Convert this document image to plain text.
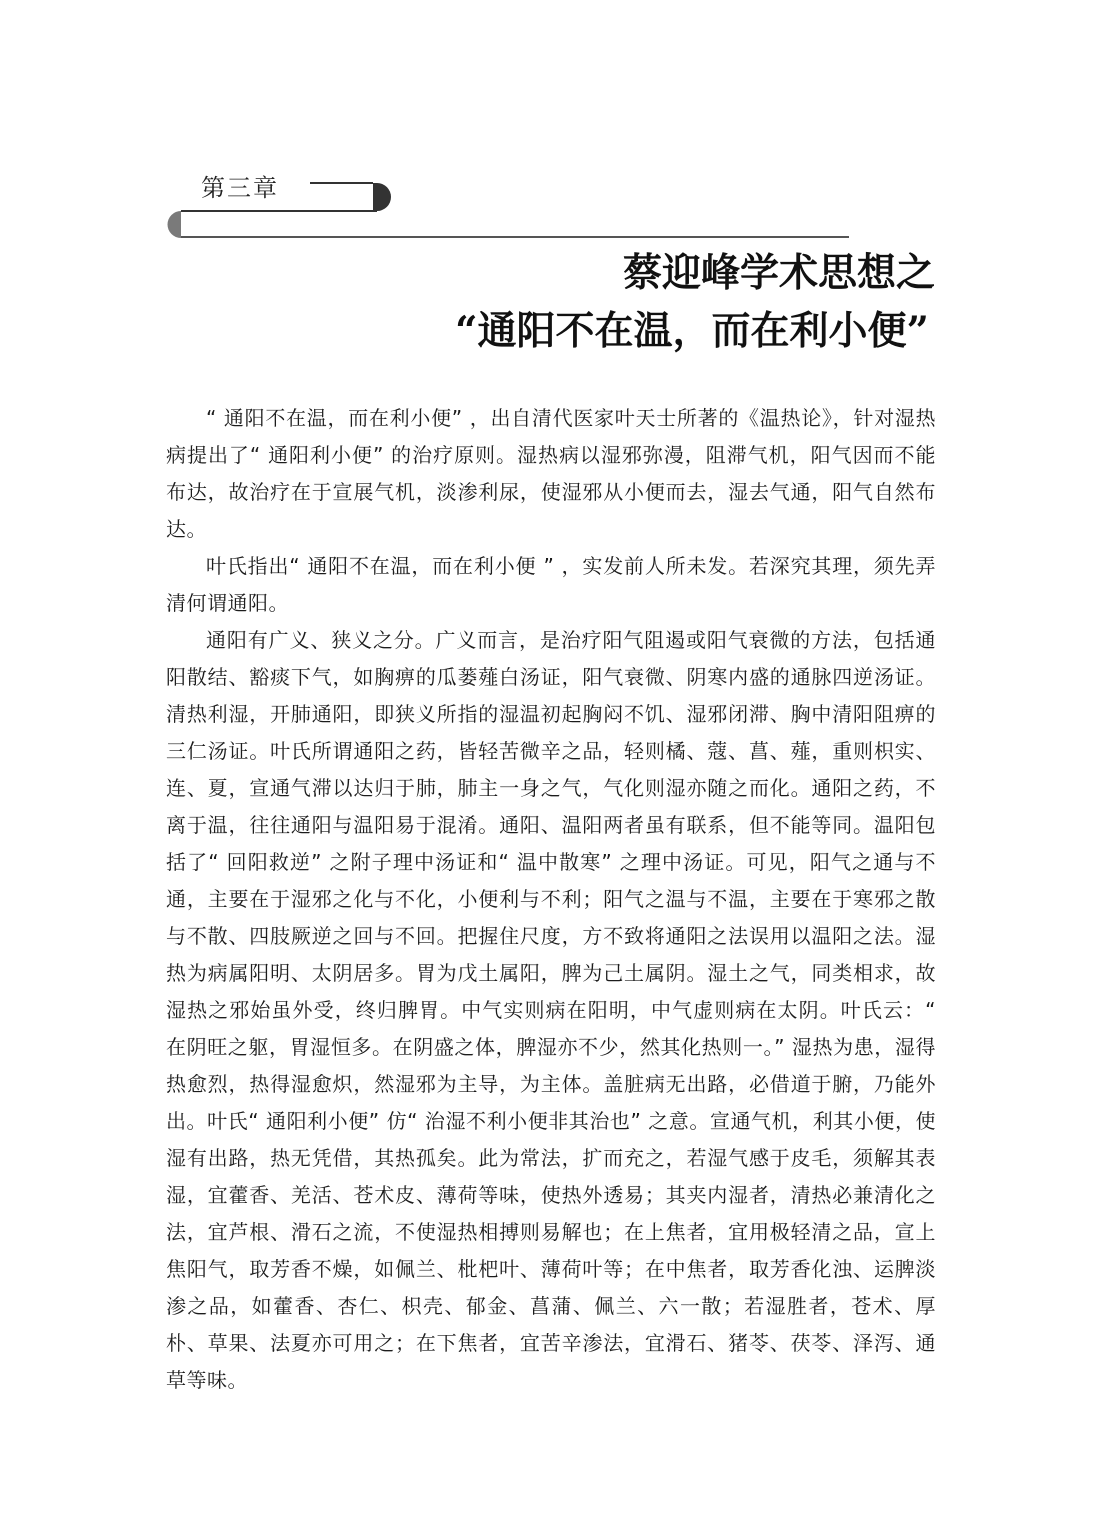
第三章
蔡迎峰学术思想之
“通阳不在温，而在利小便”

“ 通阳不在温，而在利小便” ，出自清代医家叶天士所著的《温热论》，针对湿热病提出了“ 通阳利小便” 的治疗原则。湿热病以湿邪弥漫，阻滞气机，阳气因而不能布达，故治疗在于宣展气机，淡渗利尿，使湿邪从小便而去，湿去气通，阳气自然布达。

叶氏指出“ 通阳不在温，而在利小便 ” ，实发前人所未发。若深究其理，须先弄清何谓通阳。

通阳有广义、狭义之分。广义而言，是治疗阳气阻遏或阳气衰微的方法，包括通阳散结、豁痰下气，如胸痹的瓜蒌薤白汤证，阳气衰微、阴寒内盛的通脉四逆汤证。清热利湿，开肺通阳，即狭义所指的湿温初起胸闷不饥、湿邪闭滞、胸中清阳阻痹的三仁汤证。叶氏所谓通阳之药，皆轻苦微辛之品，轻则橘、蔻、菖、薤，重则枳实、连、夏，宣通气滞以达归于肺，肺主一身之气，气化则湿亦随之而化。通阳之药，不离于温，往往通阳与温阳易于混淆。通阳、温阳两者虽有联系，但不能等同。温阳包括了“ 回阳救逆” 之附子理中汤证和“ 温中散寒” 之理中汤证。可见，阳气之通与不通，主要在于湿邪之化与不化，小便利与不利；阳气之温与不温，主要在于寒邪之散与不散、四肢厥逆之回与不回。把握住尺度，方不致将通阳之法误用以温阳之法。湿热为病属阳明、太阴居多。胃为戊土属阳，脾为己土属阴。湿土之气，同类相求，故湿热之邪始虽外受，终归脾胃。中气实则病在阳明，中气虚则病在太阴。叶氏云：“ 在阴旺之躯，胃湿恒多。在阴盛之体，脾湿亦不少，然其化热则一。” 湿热为患，湿得热愈烈，热得湿愈炽，然湿邪为主导，为主体。盖脏病无出路，必借道于腑，乃能外出。叶氏“ 通阳利小便” 仿“ 治湿不利小便非其治也” 之意。宣通气机，利其小便，使湿有出路，热无凭借，其热孤矣。此为常法，扩而充之，若湿气感于皮毛，须解其表湿，宜藿香、羌活、苍术皮、薄荷等味，使热外透易；其夹内湿者，清热必兼清化之法，宜芦根、滑石之流，不使湿热相搏则易解也；在上焦者，宜用极轻清之品，宣上焦阳气，取芳香不燥，如佩兰、枇杷叶、薄荷叶等；在中焦者，取芳香化浊、运脾淡渗之品，如藿香、杏仁、枳壳、郁金、菖蒲、佩兰、六一散；若湿胜者，苍术、厚朴、草果、法夏亦可用之；在下焦者，宜苦辛渗法，宜滑石、猪苓、茯苓、泽泻、通草等味。
